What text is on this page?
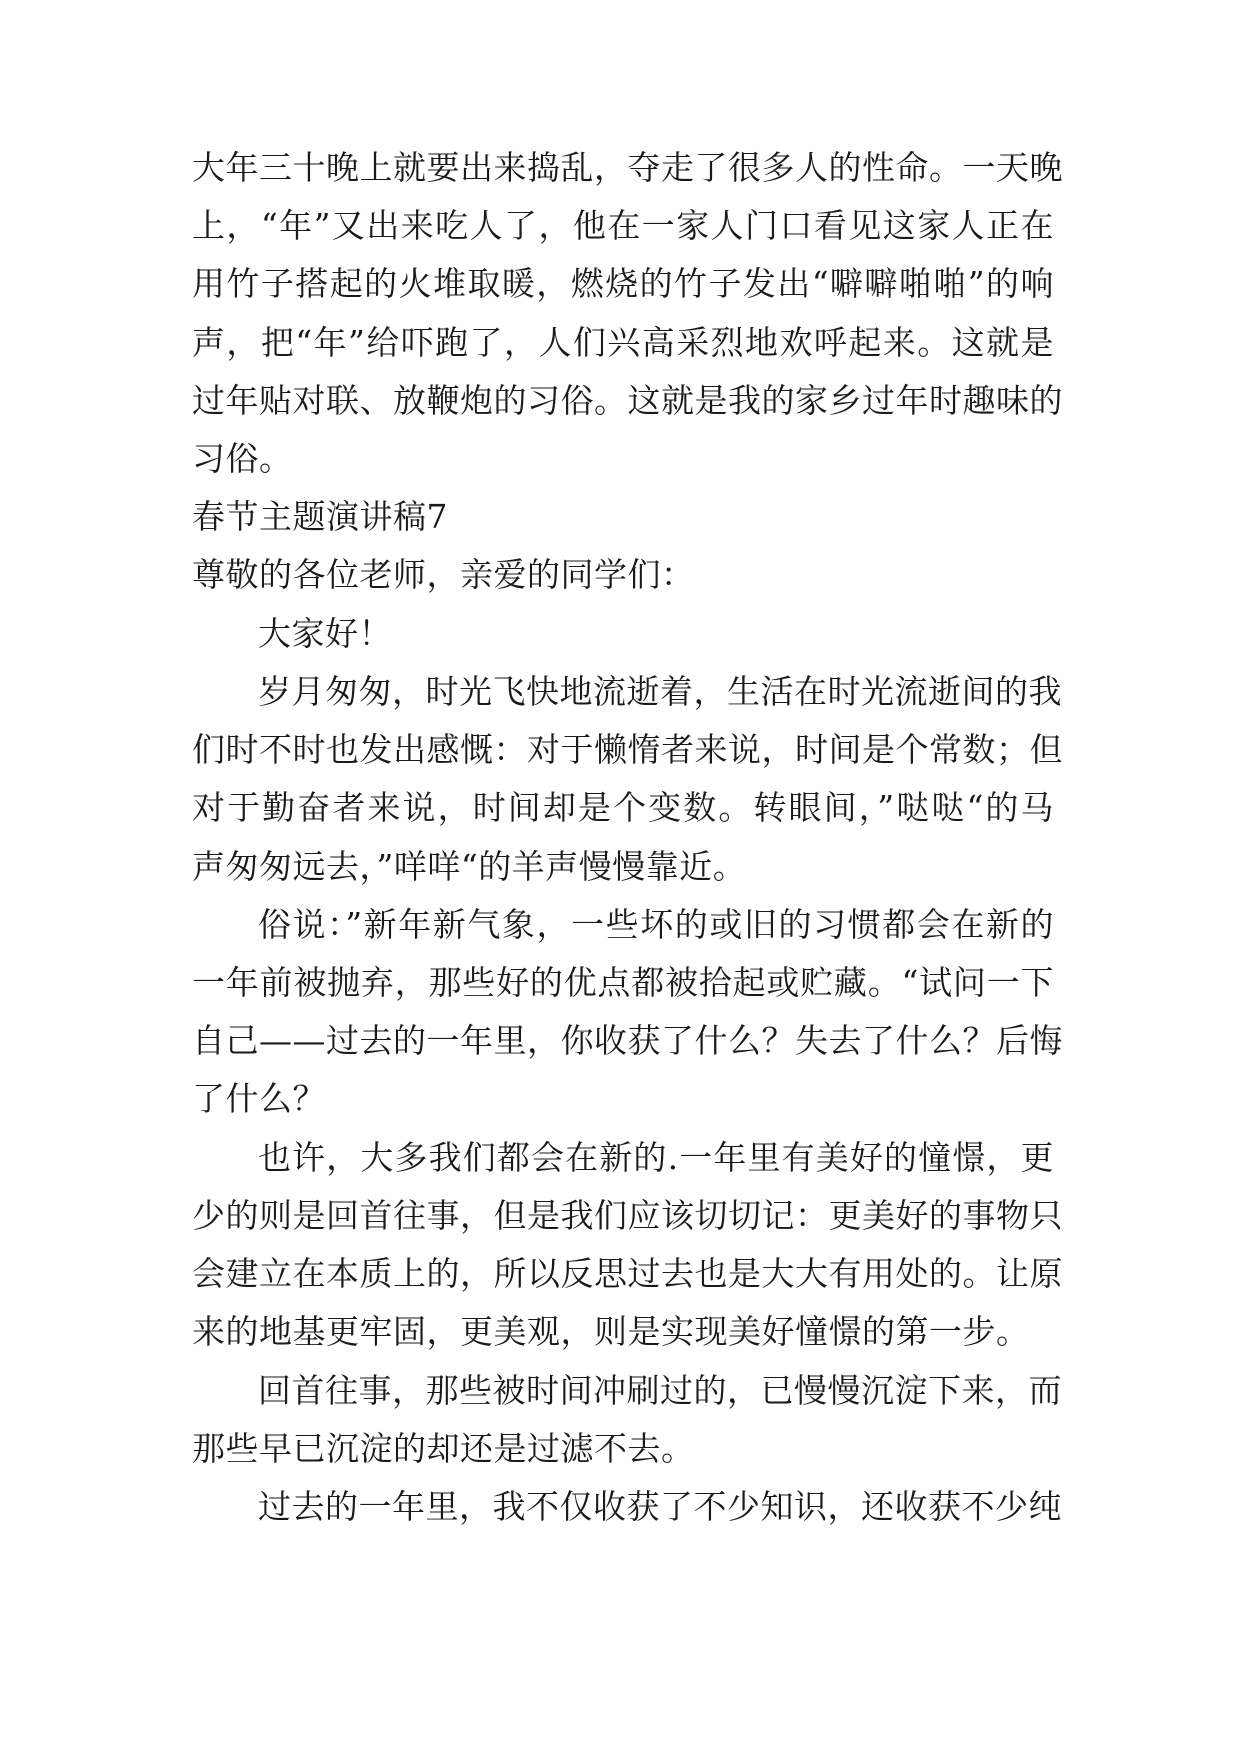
大年三十晚上就要出来捣乱，夺走了很多人的性命。一天晚
上，“年”又出来吃人了，他在一家人门口看见这家人正在
用竹子搭起的火堆取暖，燃烧的竹子发出“噼噼啪啪”的响
声，把“年”给吓跑了，人们兴高采烈地欢呼起来。这就是
过年贴对联、放鞭炮的习俗。这就是我的家乡过年时趣味的
习俗。
春节主题演讲稿7
尊敬的各位老师，亲爱的同学们：
大家好！
岁月匆匆，时光飞快地流逝着，生活在时光流逝间的我
们时不时也发出感慨：对于懒惰者来说，时间是个常数；但
对于勤奋者来说，时间却是个变数。转眼间，”哒哒“的马
声匆匆远去，”咩咩“的羊声慢慢靠近。
俗说：”新年新气象，一些坏的或旧的习惯都会在新的
一年前被抛弃，那些好的优点都被拾起或贮藏。“试问一下
自己——过去的一年里，你收获了什么？失去了什么？后悔
了什么？
也许，大多我们都会在新的.一年里有美好的憧憬，更
少的则是回首往事，但是我们应该切切记：更美好的事物只
会建立在本质上的，所以反思过去也是大大有用处的。让原
来的地基更牢固，更美观，则是实现美好憧憬的第一步。
回首往事，那些被时间冲刷过的，已慢慢沉淀下来，而
那些早已沉淀的却还是过滤不去。
过去的一年里，我不仅收获了不少知识，还收获不少纯
